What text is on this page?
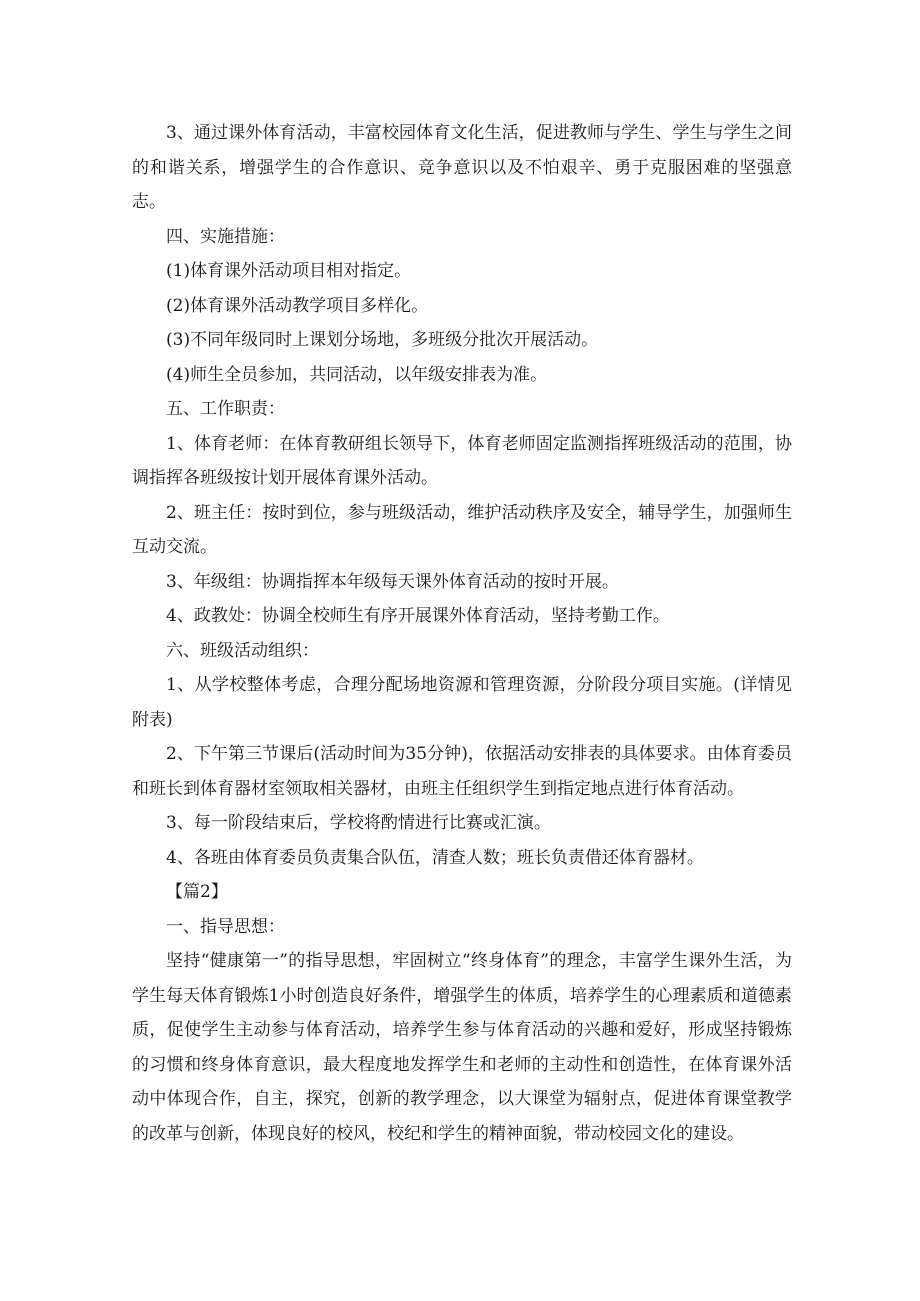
3、通过课外体育活动，丰富校园体育文化生活，促进教师与学生、学生与学生之间的和谐关系，增强学生的合作意识、竞争意识以及不怕艰辛、勇于克服困难的坚强意志。

四、实施措施：

(1)体育课外活动项目相对指定。

(2)体育课外活动教学项目多样化。

(3)不同年级同时上课划分场地，多班级分批次开展活动。

(4)师生全员参加，共同活动，以年级安排表为准。

五、工作职责：

1、体育老师：在体育教研组长领导下，体育老师固定监测指挥班级活动的范围，协调指挥各班级按计划开展体育课外活动。

2、班主任：按时到位，参与班级活动，维护活动秩序及安全，辅导学生，加强师生互动交流。

3、年级组：协调指挥本年级每天课外体育活动的按时开展。

4、政教处：协调全校师生有序开展课外体育活动，坚持考勤工作。

六、班级活动组织：

1、从学校整体考虑，合理分配场地资源和管理资源，分阶段分项目实施。(详情见附表)

2、下午第三节课后(活动时间为35分钟)，依据活动安排表的具体要求。由体育委员和班长到体育器材室领取相关器材，由班主任组织学生到指定地点进行体育活动。

3、每一阶段结束后，学校将酌情进行比赛或汇演。

4、各班由体育委员负责集合队伍，清查人数；班长负责借还体育器材。

【篇2】

一、指导思想：

坚持“健康第一”的指导思想，牢固树立“终身体育”的理念，丰富学生课外生活，为学生每天体育锻炼1小时创造良好条件，增强学生的体质，培养学生的心理素质和道德素质，促使学生主动参与体育活动，培养学生参与体育活动的兴趣和爱好，形成坚持锻炼的习惯和终身体育意识，最大程度地发挥学生和老师的主动性和创造性，在体育课外活动中体现合作，自主，探究，创新的教学理念，以大课堂为辐射点，促进体育课堂教学的改革与创新，体现良好的校风，校纪和学生的精神面貌，带动校园文化的建设。
